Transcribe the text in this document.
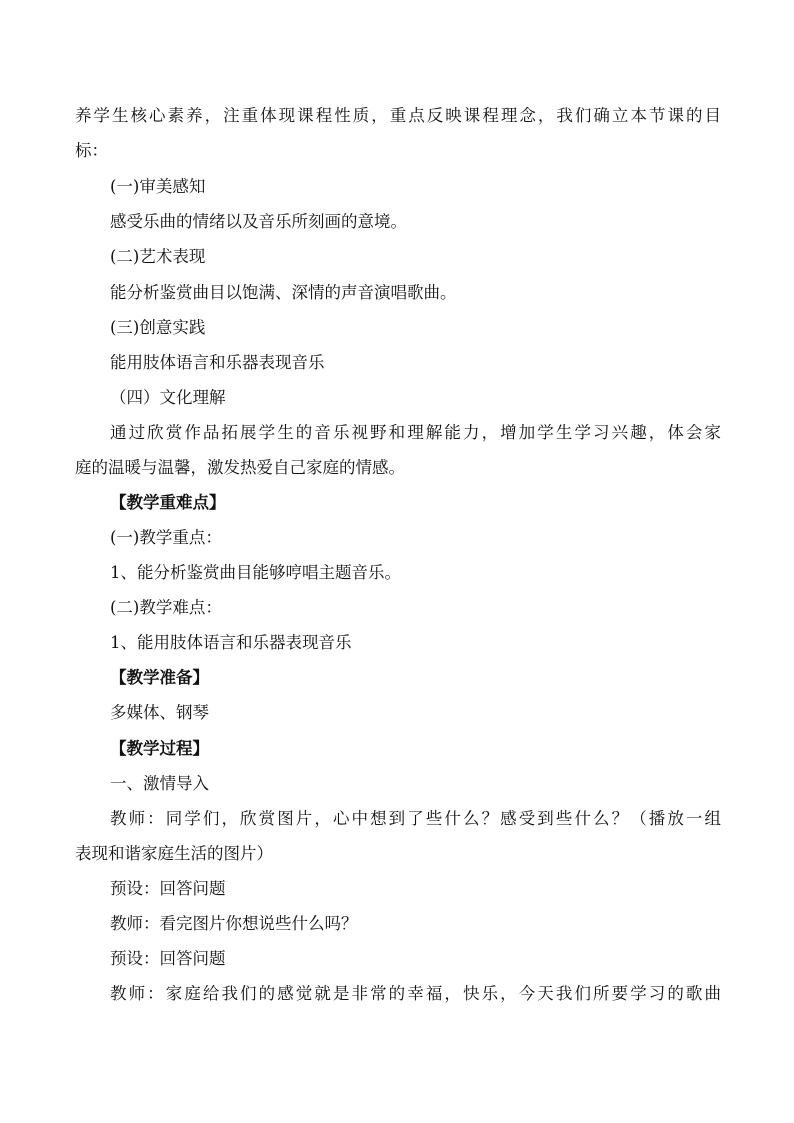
养学生核心素养，注重体现课程性质，重点反映课程理念，我们确立本节课的目
标：
(一)审美感知
感受乐曲的情绪以及音乐所刻画的意境。
(二)艺术表现
能分析鉴赏曲目以饱满、深情的声音演唱歌曲。
(三)创意实践
能用肢体语言和乐器表现音乐
（四）文化理解
通过欣赏作品拓展学生的音乐视野和理解能力，增加学生学习兴趣，体会家
庭的温暖与温馨，激发热爱自己家庭的情感。
【教学重难点】
(一)教学重点：
1、能分析鉴赏曲目能够哼唱主题音乐。
(二)教学难点：
1、能用肢体语言和乐器表现音乐
【教学准备】
多媒体、钢琴
【教学过程】
一、激情导入
教师：同学们，欣赏图片，心中想到了些什么？感受到些什么？（播放一组
表现和谐家庭生活的图片）
预设：回答问题
教师：看完图片你想说些什么吗？
预设：回答问题
教师：家庭给我们的感觉就是非常的幸福，快乐，今天我们所要学习的歌曲
